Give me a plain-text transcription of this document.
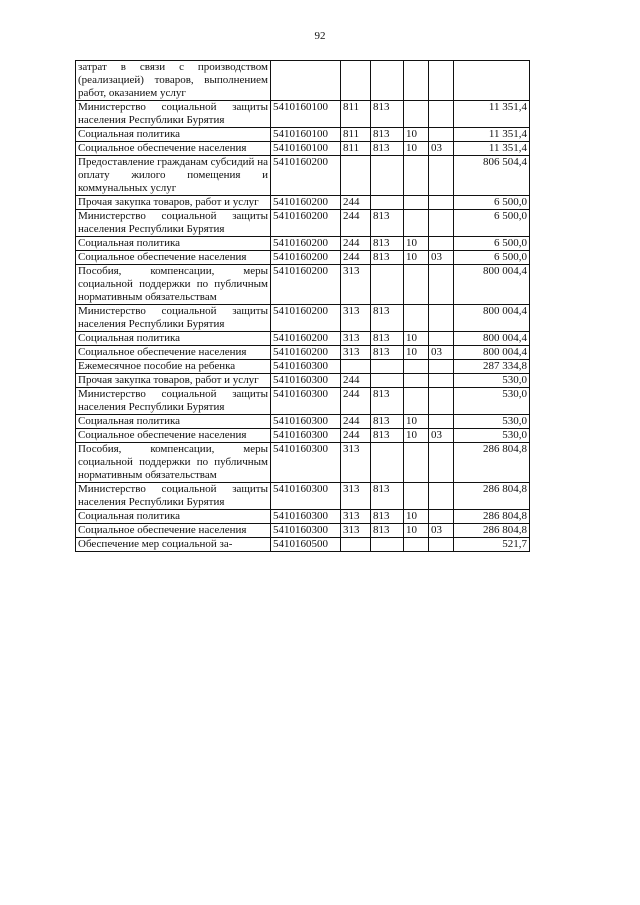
92
затрат в связи с производством (реализацией) товаров, выполнением работ, оказанием услуг						
Министерство социальной защиты населения Республики Бурятия	5410160100	811	813			11 351,4
Социальная политика	5410160100	811	813	10		11 351,4
Социальное обеспечение населения	5410160100	811	813	10	03	11 351,4
Предоставление гражданам субсидий на оплату жилого помещения и коммунальных услуг	5410160200					806 504,4
Прочая закупка товаров, работ и услуг	5410160200	244				6 500,0
Министерство социальной защиты населения Республики Бурятия	5410160200	244	813			6 500,0
Социальная политика	5410160200	244	813	10		6 500,0
Социальное обеспечение населения	5410160200	244	813	10	03	6 500,0
Пособия, компенсации, меры социальной поддержки по публичным нормативным обязательствам	5410160200	313				800 004,4
Министерство социальной защиты населения Республики Бурятия	5410160200	313	813			800 004,4
Социальная политика	5410160200	313	813	10		800 004,4
Социальное обеспечение населения	5410160200	313	813	10	03	800 004,4
Ежемесячное пособие на ребенка	5410160300					287 334,8
Прочая закупка товаров, работ и услуг	5410160300	244				530,0
Министерство социальной защиты населения Республики Бурятия	5410160300	244	813			530,0
Социальная политика	5410160300	244	813	10		530,0
Социальное обеспечение населения	5410160300	244	813	10	03	530,0
Пособия, компенсации, меры социальной поддержки по публичным нормативным обязательствам	5410160300	313				286 804,8
Министерство социальной защиты населения Республики Бурятия	5410160300	313	813			286 804,8
Социальная политика	5410160300	313	813	10		286 804,8
Социальное обеспечение населения	5410160300	313	813	10	03	286 804,8
Обеспечение мер социальной за-	5410160500					521,7
